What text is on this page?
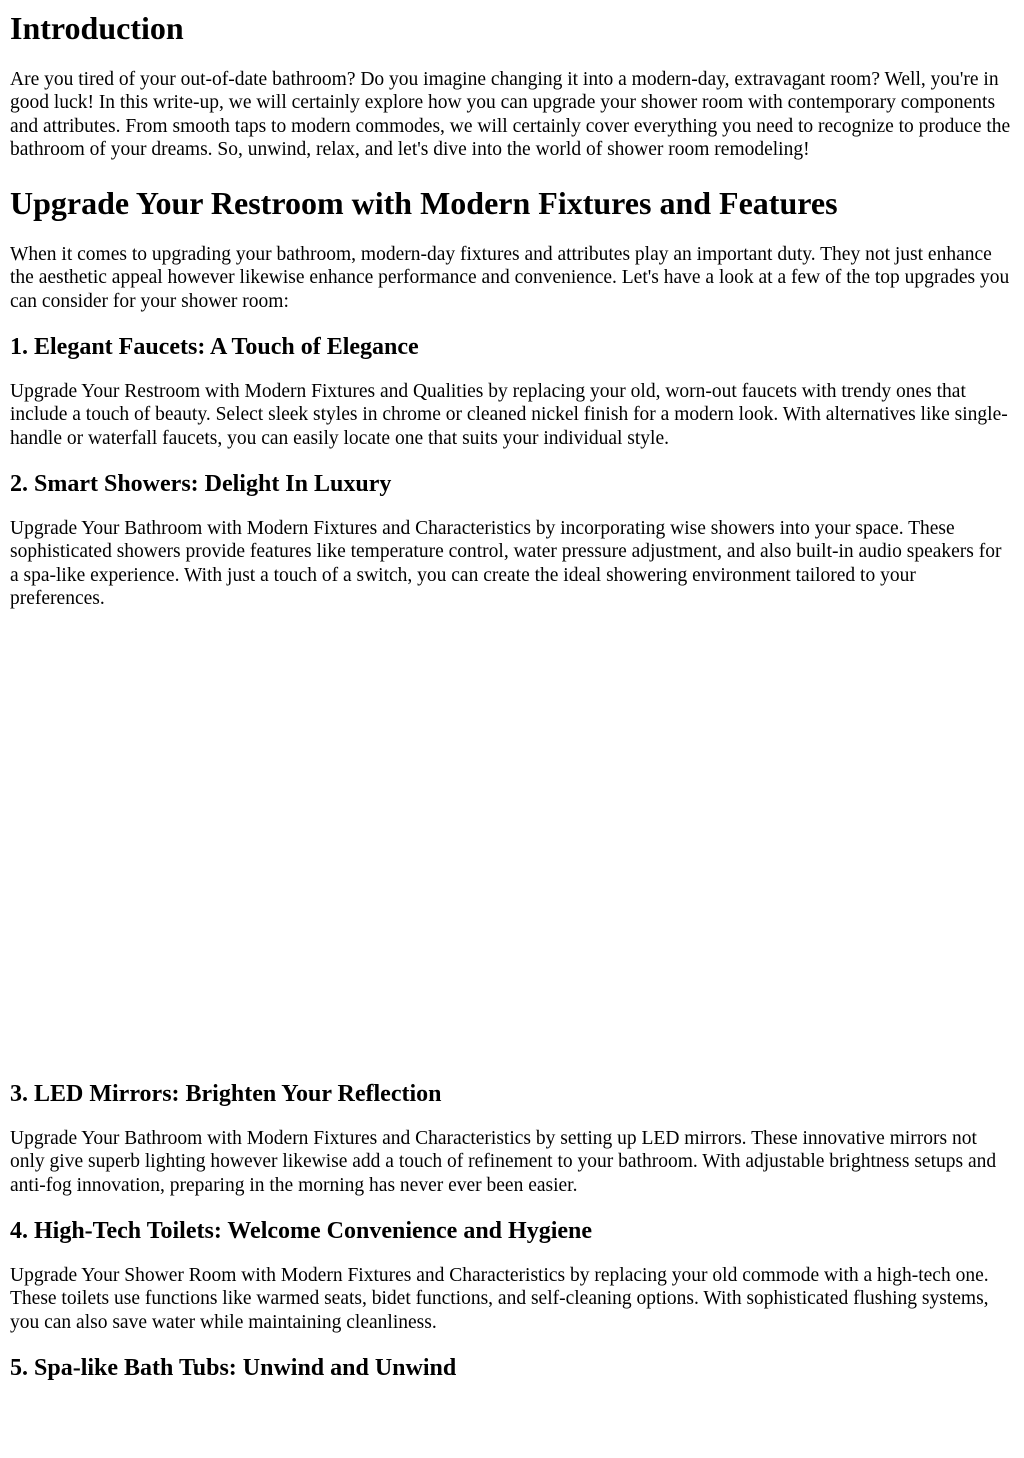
Introduction

Are you tired of your out-of-date bathroom? Do you imagine changing it into a modern-day, extravagant room? Well, you're in good luck! In this write-up, we will certainly explore how you can upgrade your shower room with contemporary components and attributes. From smooth taps to modern commodes, we will certainly cover everything you need to recognize to produce the bathroom of your dreams. So, unwind, relax, and let's dive into the world of shower room remodeling!

Upgrade Your Restroom with Modern Fixtures and Features

When it comes to upgrading your bathroom, modern-day fixtures and attributes play an important duty. They not just enhance the aesthetic appeal however likewise enhance performance and convenience. Let's have a look at a few of the top upgrades you can consider for your shower room:

1. Elegant Faucets: A Touch of Elegance

Upgrade Your Restroom with Modern Fixtures and Qualities by replacing your old, worn-out faucets with trendy ones that include a touch of beauty. Select sleek styles in chrome or cleaned nickel finish for a modern look. With alternatives like single-handle or waterfall faucets, you can easily locate one that suits your individual style.

2. Smart Showers: Delight In Luxury

Upgrade Your Bathroom with Modern Fixtures and Characteristics by incorporating wise showers into your space. These sophisticated showers provide features like temperature control, water pressure adjustment, and also built-in audio speakers for a spa-like experience. With just a touch of a switch, you can create the ideal showering environment tailored to your preferences.

3. LED Mirrors: Brighten Your Reflection

Upgrade Your Bathroom with Modern Fixtures and Characteristics by setting up LED mirrors. These innovative mirrors not only give superb lighting however likewise add a touch of refinement to your bathroom. With adjustable brightness setups and anti-fog innovation, preparing in the morning has never ever been easier.

4. High-Tech Toilets: Welcome Convenience and Hygiene

Upgrade Your Shower Room with Modern Fixtures and Characteristics by replacing your old commode with a high-tech one. These toilets use functions like warmed seats, bidet functions, and self-cleaning options. With sophisticated flushing systems, you can also save water while maintaining cleanliness.

5. Spa-like Bath Tubs: Unwind and Unwind
